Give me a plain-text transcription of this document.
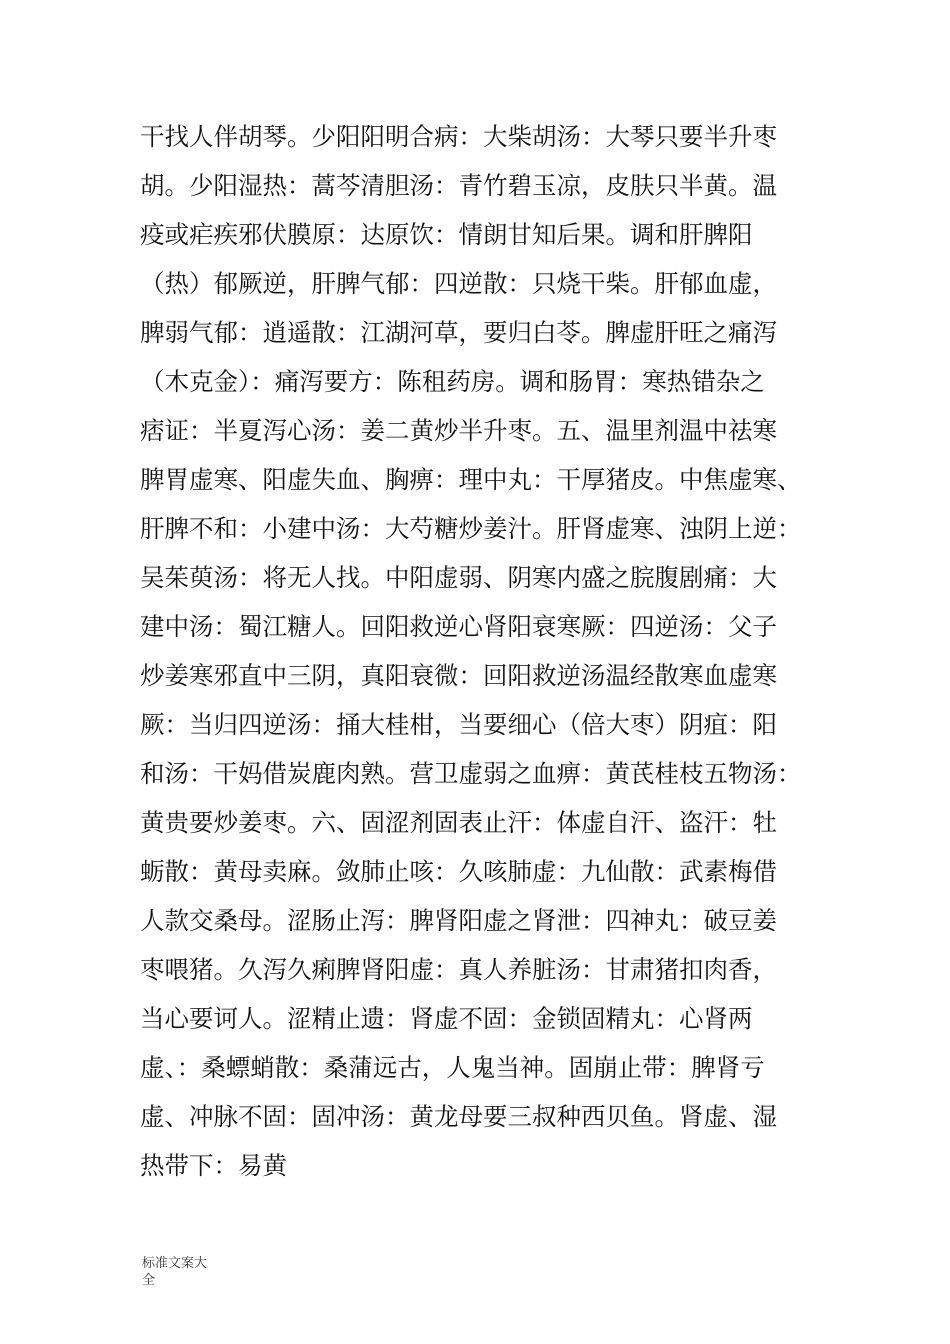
干找人伴胡琴。少阳阳明合病：大柴胡汤：大琴只要半升枣
胡。少阳湿热：蒿芩清胆汤：青竹碧玉凉，皮肤只半黄。温
疫或疟疾邪伏膜原：达原饮：情朗甘知后果。调和肝脾阳
（热）郁厥逆，肝脾气郁：四逆散：只烧干柴。肝郁血虚，
脾弱气郁：逍遥散：江湖河草，要归白苓。脾虚肝旺之痛泻
（木克金）：痛泻要方：陈租药房。调和肠胃：寒热错杂之
痞证：半夏泻心汤：姜二黄炒半升枣。五、温里剂温中祛寒
脾胃虚寒、阳虚失血、胸痹：理中丸：干厚猪皮。中焦虚寒、
肝脾不和：小建中汤：大芍糖炒姜汁。肝肾虚寒、浊阴上逆：
吴茱萸汤：将无人找。中阳虚弱、阴寒内盛之脘腹剧痛：大
建中汤：蜀江糖人。回阳救逆心肾阳衰寒厥：四逆汤：父子
炒姜寒邪直中三阴，真阳衰微：回阳救逆汤温经散寒血虚寒
厥：当归四逆汤：捅大桂柑，当要细心（倍大枣）阴疽：阳
和汤：干妈借炭鹿肉熟。营卫虚弱之血痹：黄芪桂枝五物汤：
黄贵要炒姜枣。六、固涩剂固表止汗：体虚自汗、盗汗：牡
蛎散：黄母卖麻。敛肺止咳：久咳肺虚：九仙散：武素梅借
人款交桑母。涩肠止泻：脾肾阳虚之肾泄：四神丸：破豆姜
枣喂猪。久泻久痢脾肾阳虚：真人养脏汤：甘肃猪扣肉香，
当心要诃人。涩精止遗：肾虚不固：金锁固精丸：心肾两
虚、：桑螵蛸散：桑蒲远古，人鬼当神。固崩止带：脾肾亏
虚、冲脉不固：固冲汤：黄龙母要三叔种西贝鱼。肾虚、湿
热带下：易黄
标准文案大
全
